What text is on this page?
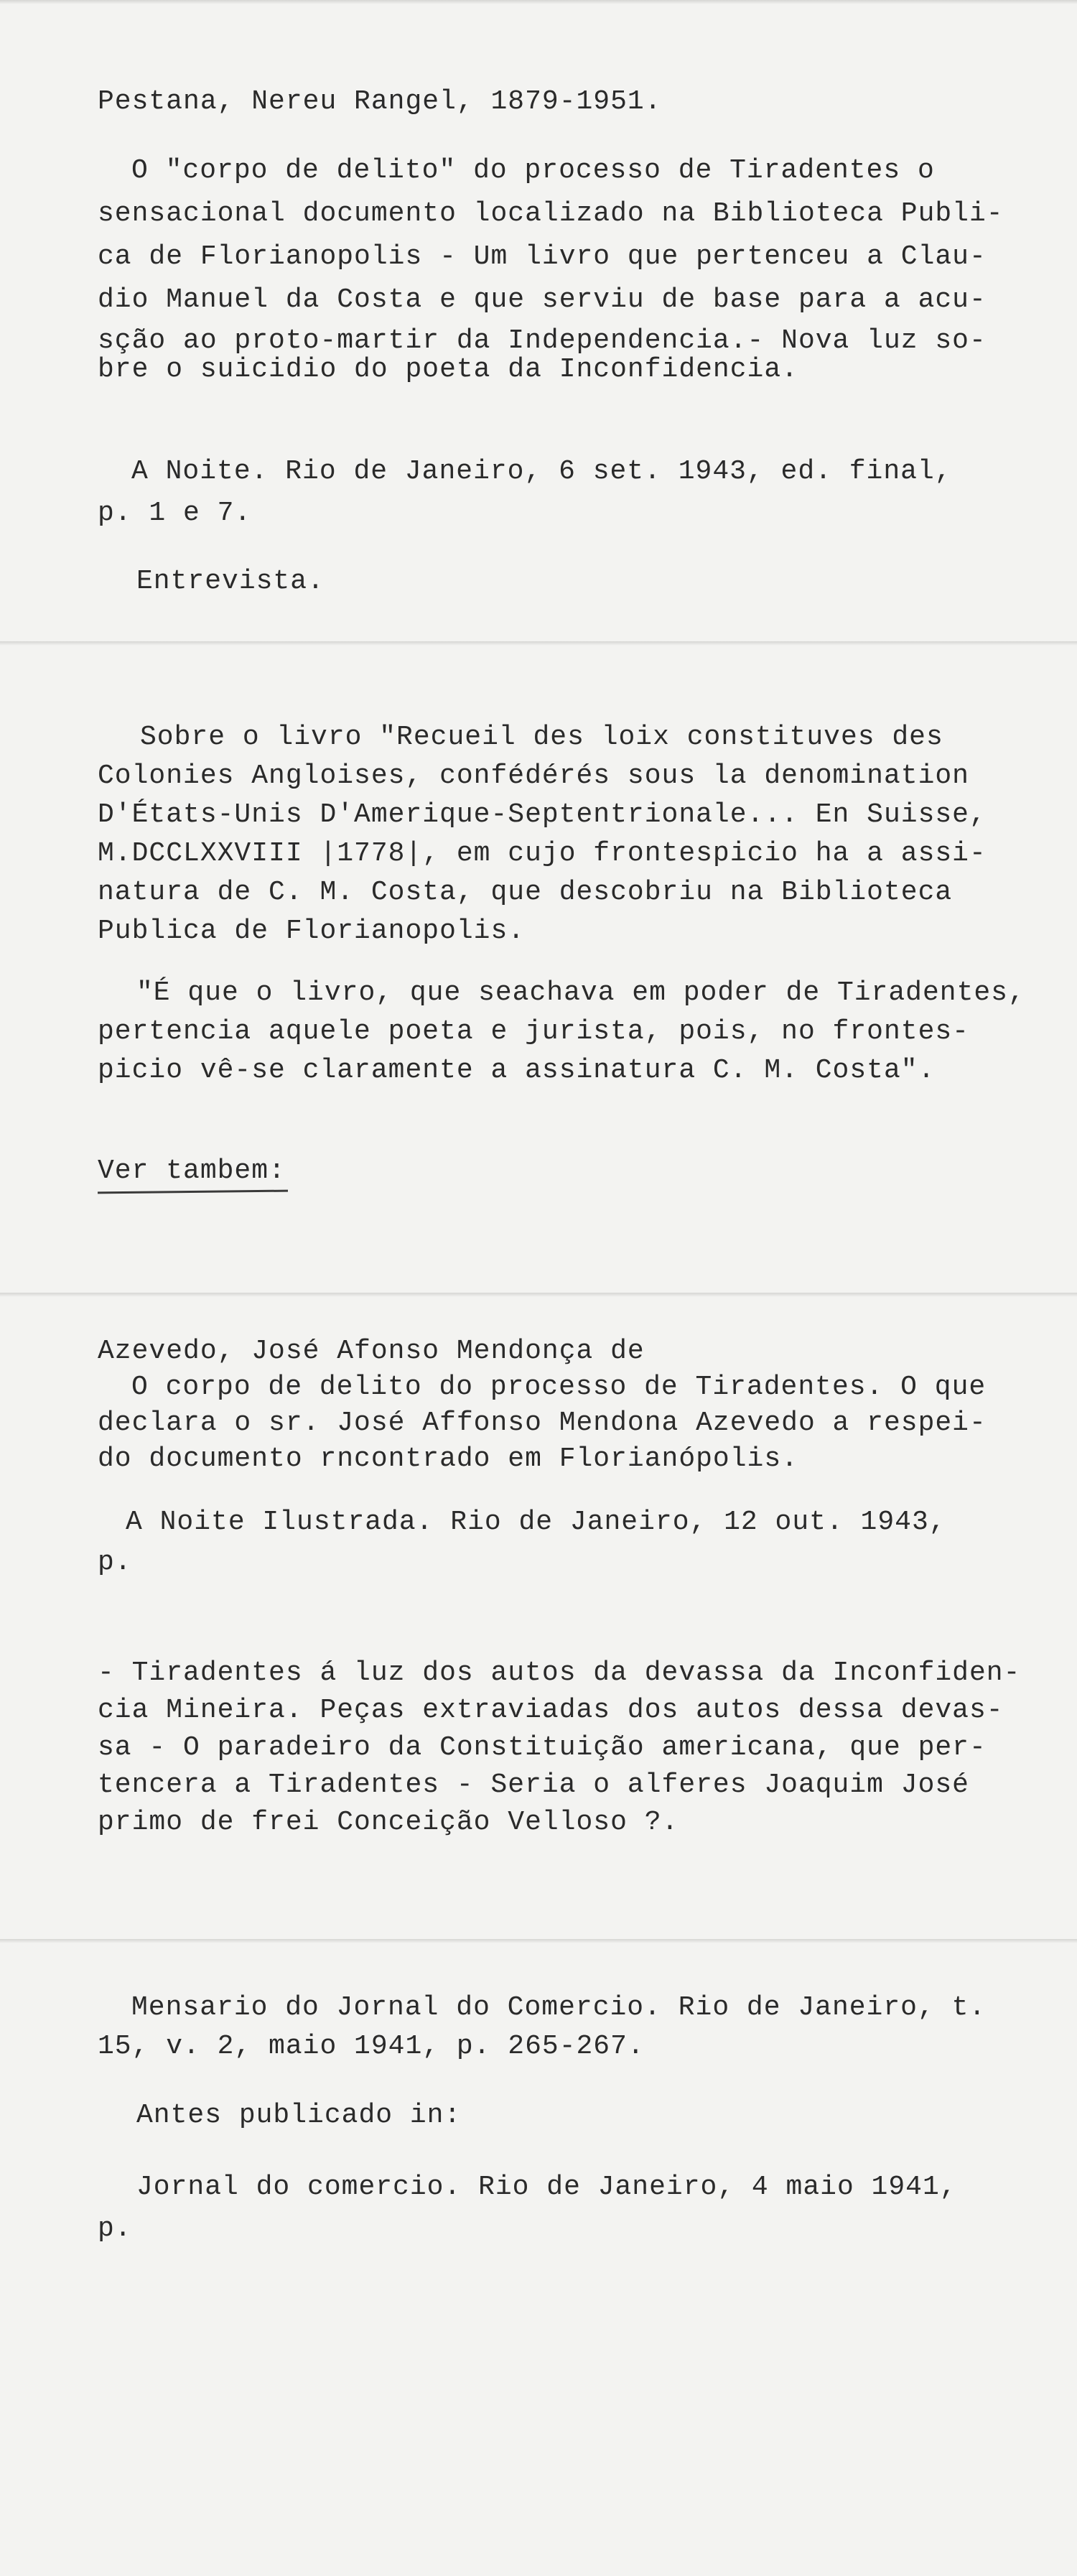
Pestana, Nereu Rangel, 1879-1951.
O "corpo de delito" do processo de Tiradentes o
sensacional documento localizado na Biblioteca Publi-
ca de Florianopolis - Um livro que pertenceu a Clau-
dio Manuel da Costa e que serviu de base para a acu-
sção ao proto-martir da Independencia.- Nova luz so-
bre o suicidio do poeta da Inconfidencia.
A Noite. Rio de Janeiro, 6 set. 1943, ed. final,
p. 1 e 7.
Entrevista.
Sobre o livro "Recueil des loix constituves des
Colonies Angloises, confédérés sous la denomination
D'États-Unis D'Amerique-Septentrionale... En Suisse,
M.DCCLXXVIII |1778|, em cujo frontespicio ha a assi-
natura de C. M. Costa, que descobriu na Biblioteca
Publica de Florianopolis.
"É que o livro, que seachava em poder de Tiradentes,
pertencia aquele poeta e jurista, pois, no frontes-
picio vê-se claramente a assinatura C. M. Costa".
Ver tambem:
Azevedo, José Afonso Mendonça de
O corpo de delito do processo de Tiradentes. O que
declara o sr. José Affonso Mendona Azevedo a respei-
do documento rncontrado em Florianópolis.
A Noite Ilustrada. Rio de Janeiro, 12 out. 1943,
p.
- Tiradentes á luz dos autos da devassa da Inconfiden-
cia Mineira. Peças extraviadas dos autos dessa devas-
sa - O paradeiro da Constituição americana, que per-
tencera a Tiradentes - Seria o alferes Joaquim José
primo de frei Conceição Velloso ?.
Mensario do Jornal do Comercio. Rio de Janeiro, t.
15, v. 2, maio 1941, p. 265-267.
Antes publicado in:
Jornal do comercio. Rio de Janeiro, 4 maio 1941,
p.
